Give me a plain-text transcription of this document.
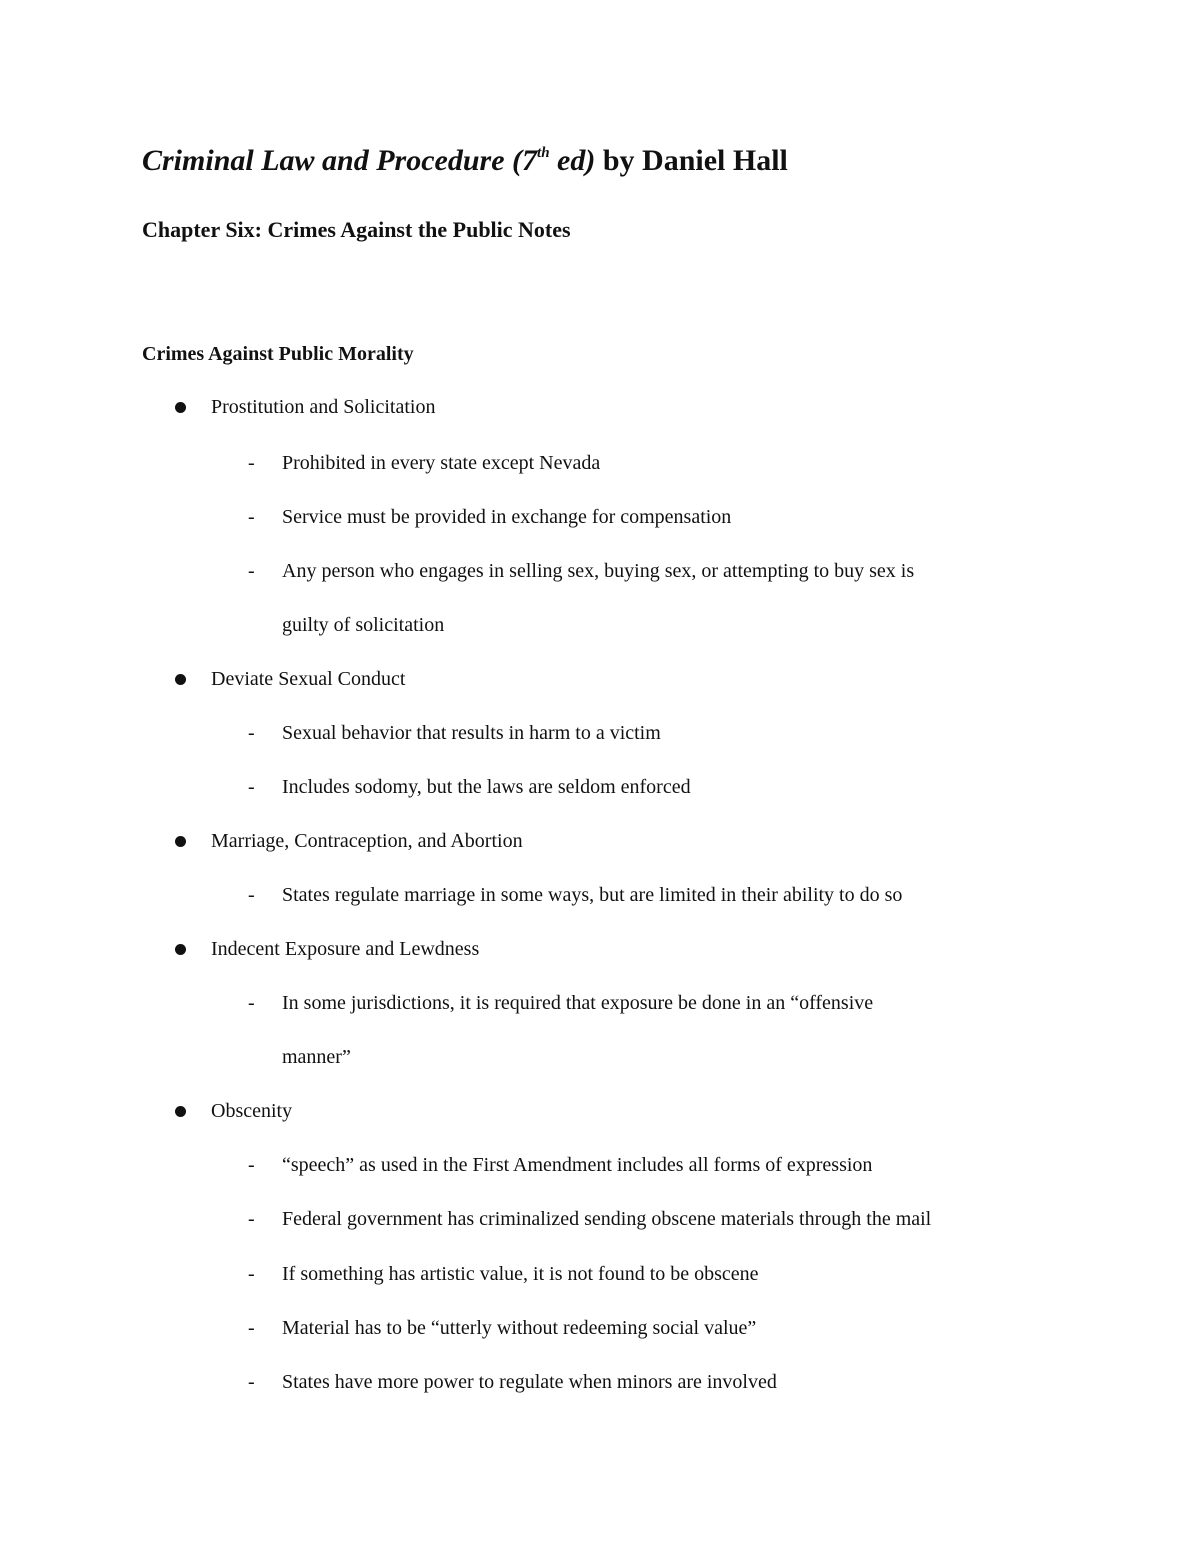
Criminal Law and Procedure (7th ed) by Daniel Hall
Chapter Six: Crimes Against the Public Notes
Crimes Against Public Morality
Prostitution and Solicitation
- Prohibited in every state except Nevada
- Service must be provided in exchange for compensation
- Any person who engages in selling sex, buying sex, or attempting to buy sex is
guilty of solicitation
Deviate Sexual Conduct
- Sexual behavior that results in harm to a victim
- Includes sodomy, but the laws are seldom enforced
Marriage, Contraception, and Abortion
- States regulate marriage in some ways, but are limited in their ability to do so
Indecent Exposure and Lewdness
- In some jurisdictions, it is required that exposure be done in an “offensive
manner”
Obscenity
- “speech” as used in the First Amendment includes all forms of expression
- Federal government has criminalized sending obscene materials through the mail
- If something has artistic value, it is not found to be obscene
- Material has to be “utterly without redeeming social value”
- States have more power to regulate when minors are involved
